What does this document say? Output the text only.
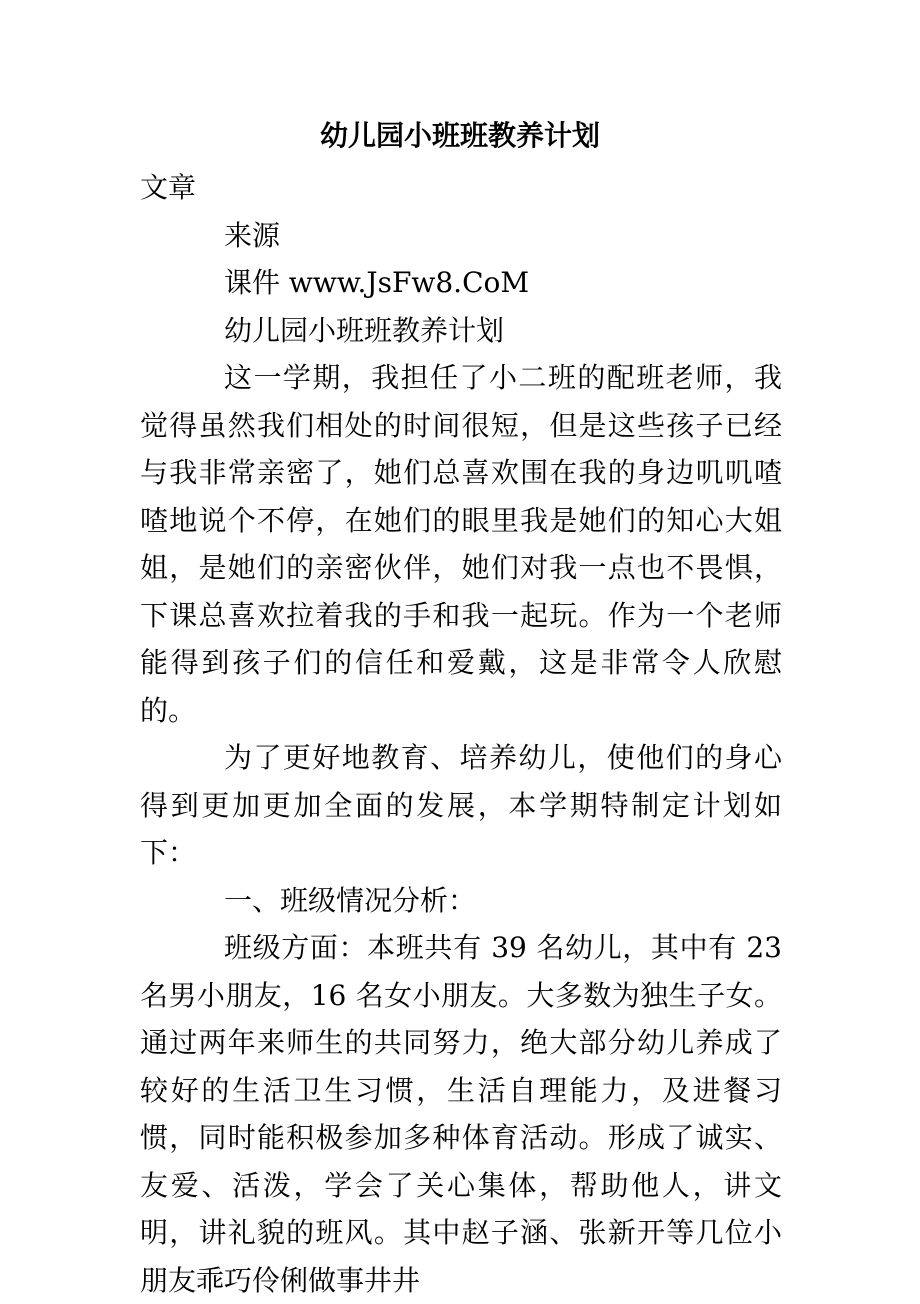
幼儿园小班班教养计划

文章

来源

课件 www.JsFw8.CoM

幼儿园小班班教养计划

这一学期，我担任了小二班的配班老师，我觉得虽然我们相处的时间很短，但是这些孩子已经与我非常亲密了，她们总喜欢围在我的身边叽叽喳喳地说个不停，在她们的眼里我是她们的知心大姐姐，是她们的亲密伙伴，她们对我一点也不畏惧，下课总喜欢拉着我的手和我一起玩。作为一个老师能得到孩子们的信任和爱戴，这是非常令人欣慰的。

为了更好地教育、培养幼儿，使他们的身心得到更加更加全面的发展，本学期特制定计划如下：

一、班级情况分析：

班级方面：本班共有 39 名幼儿，其中有 23 名男小朋友，16 名女小朋友。大多数为独生子女。通过两年来师生的共同努力，绝大部分幼儿养成了较好的生活卫生习惯，生活自理能力，及进餐习惯，同时能积极参加多种体育活动。形成了诚实、友爱、活泼，学会了关心集体，帮助他人，讲文明，讲礼貌的班风。其中赵子涵、张新开等几位小朋友乖巧伶俐做事井井
